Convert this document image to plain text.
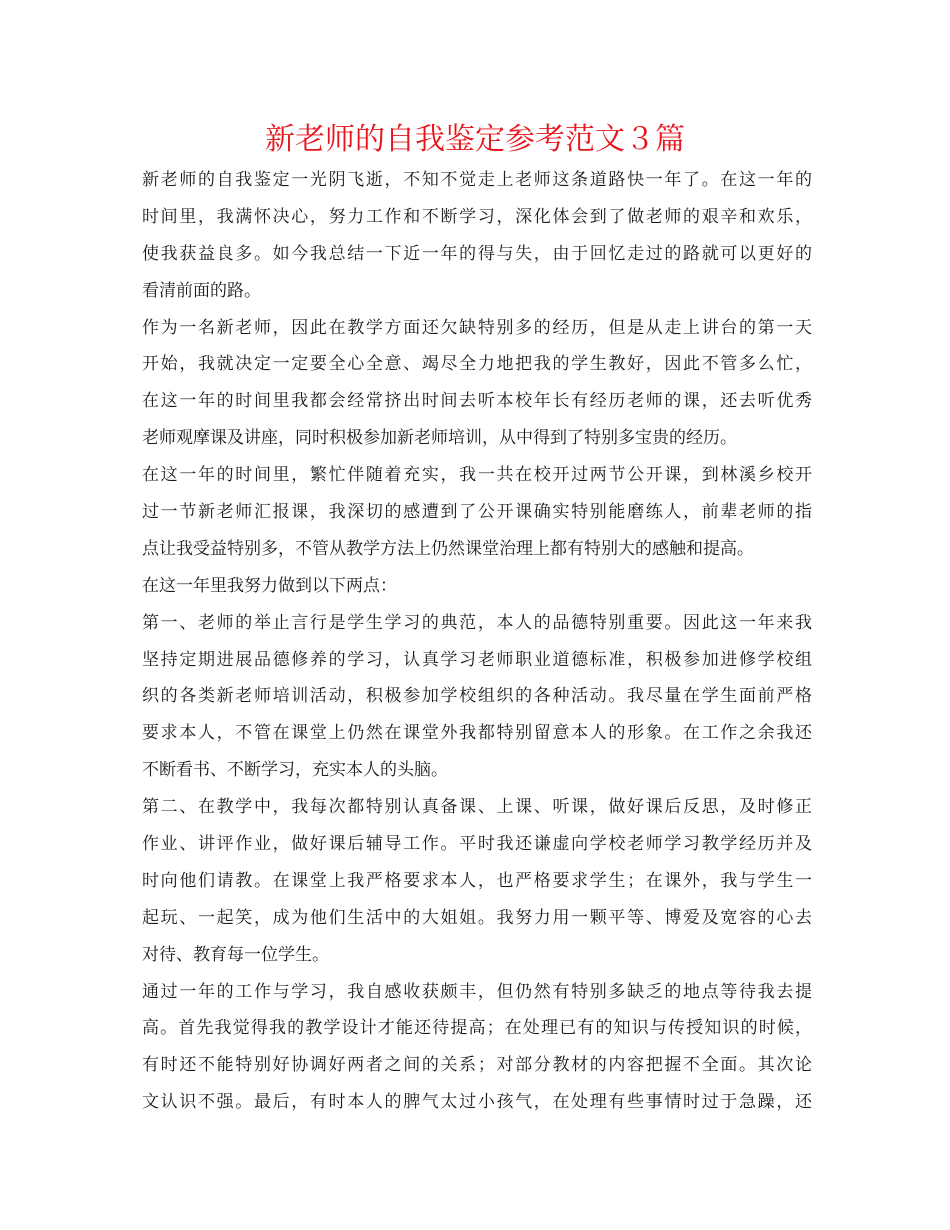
新老师的自我鉴定参考范文３篇
新老师的自我鉴定一光阴飞逝，不知不觉走上老师这条道路快一年了。在这一年的
时间里，我满怀决心，努力工作和不断学习，深化体会到了做老师的艰辛和欢乐，
使我获益良多。如今我总结一下近一年的得与失，由于回忆走过的路就可以更好的
看清前面的路。
作为一名新老师，因此在教学方面还欠缺特别多的经历，但是从走上讲台的第一天
开始，我就决定一定要全心全意、竭尽全力地把我的学生教好，因此不管多么忙，
在这一年的时间里我都会经常挤出时间去听本校年长有经历老师的课，还去听优秀
老师观摩课及讲座，同时积极参加新老师培训，从中得到了特别多宝贵的经历。
在这一年的时间里，繁忙伴随着充实，我一共在校开过两节公开课，到林溪乡校开
过一节新老师汇报课，我深切的感遭到了公开课确实特别能磨练人，前辈老师的指
点让我受益特别多，不管从教学方法上仍然课堂治理上都有特别大的感触和提高。
在这一年里我努力做到以下两点：
第一、老师的举止言行是学生学习的典范，本人的品德特别重要。因此这一年来我
坚持定期进展品德修养的学习，认真学习老师职业道德标准，积极参加进修学校组
织的各类新老师培训活动，积极参加学校组织的各种活动。我尽量在学生面前严格
要求本人，不管在课堂上仍然在课堂外我都特别留意本人的形象。在工作之余我还
不断看书、不断学习，充实本人的头脑。
第二、在教学中，我每次都特别认真备课、上课、听课，做好课后反思，及时修正
作业、讲评作业，做好课后辅导工作。平时我还谦虚向学校老师学习教学经历并及
时向他们请教。在课堂上我严格要求本人，也严格要求学生；在课外，我与学生一
起玩、一起笑，成为他们生活中的大姐姐。我努力用一颗平等、博爱及宽容的心去
对待、教育每一位学生。
通过一年的工作与学习，我自感收获颇丰，但仍然有特别多缺乏的地点等待我去提
高。首先我觉得我的教学设计才能还待提高；在处理已有的知识与传授知识的时候，
有时还不能特别好协调好两者之间的关系；对部分教材的内容把握不全面。其次论
文认识不强。最后，有时本人的脾气太过小孩气，在处理有些事情时过于急躁，还
